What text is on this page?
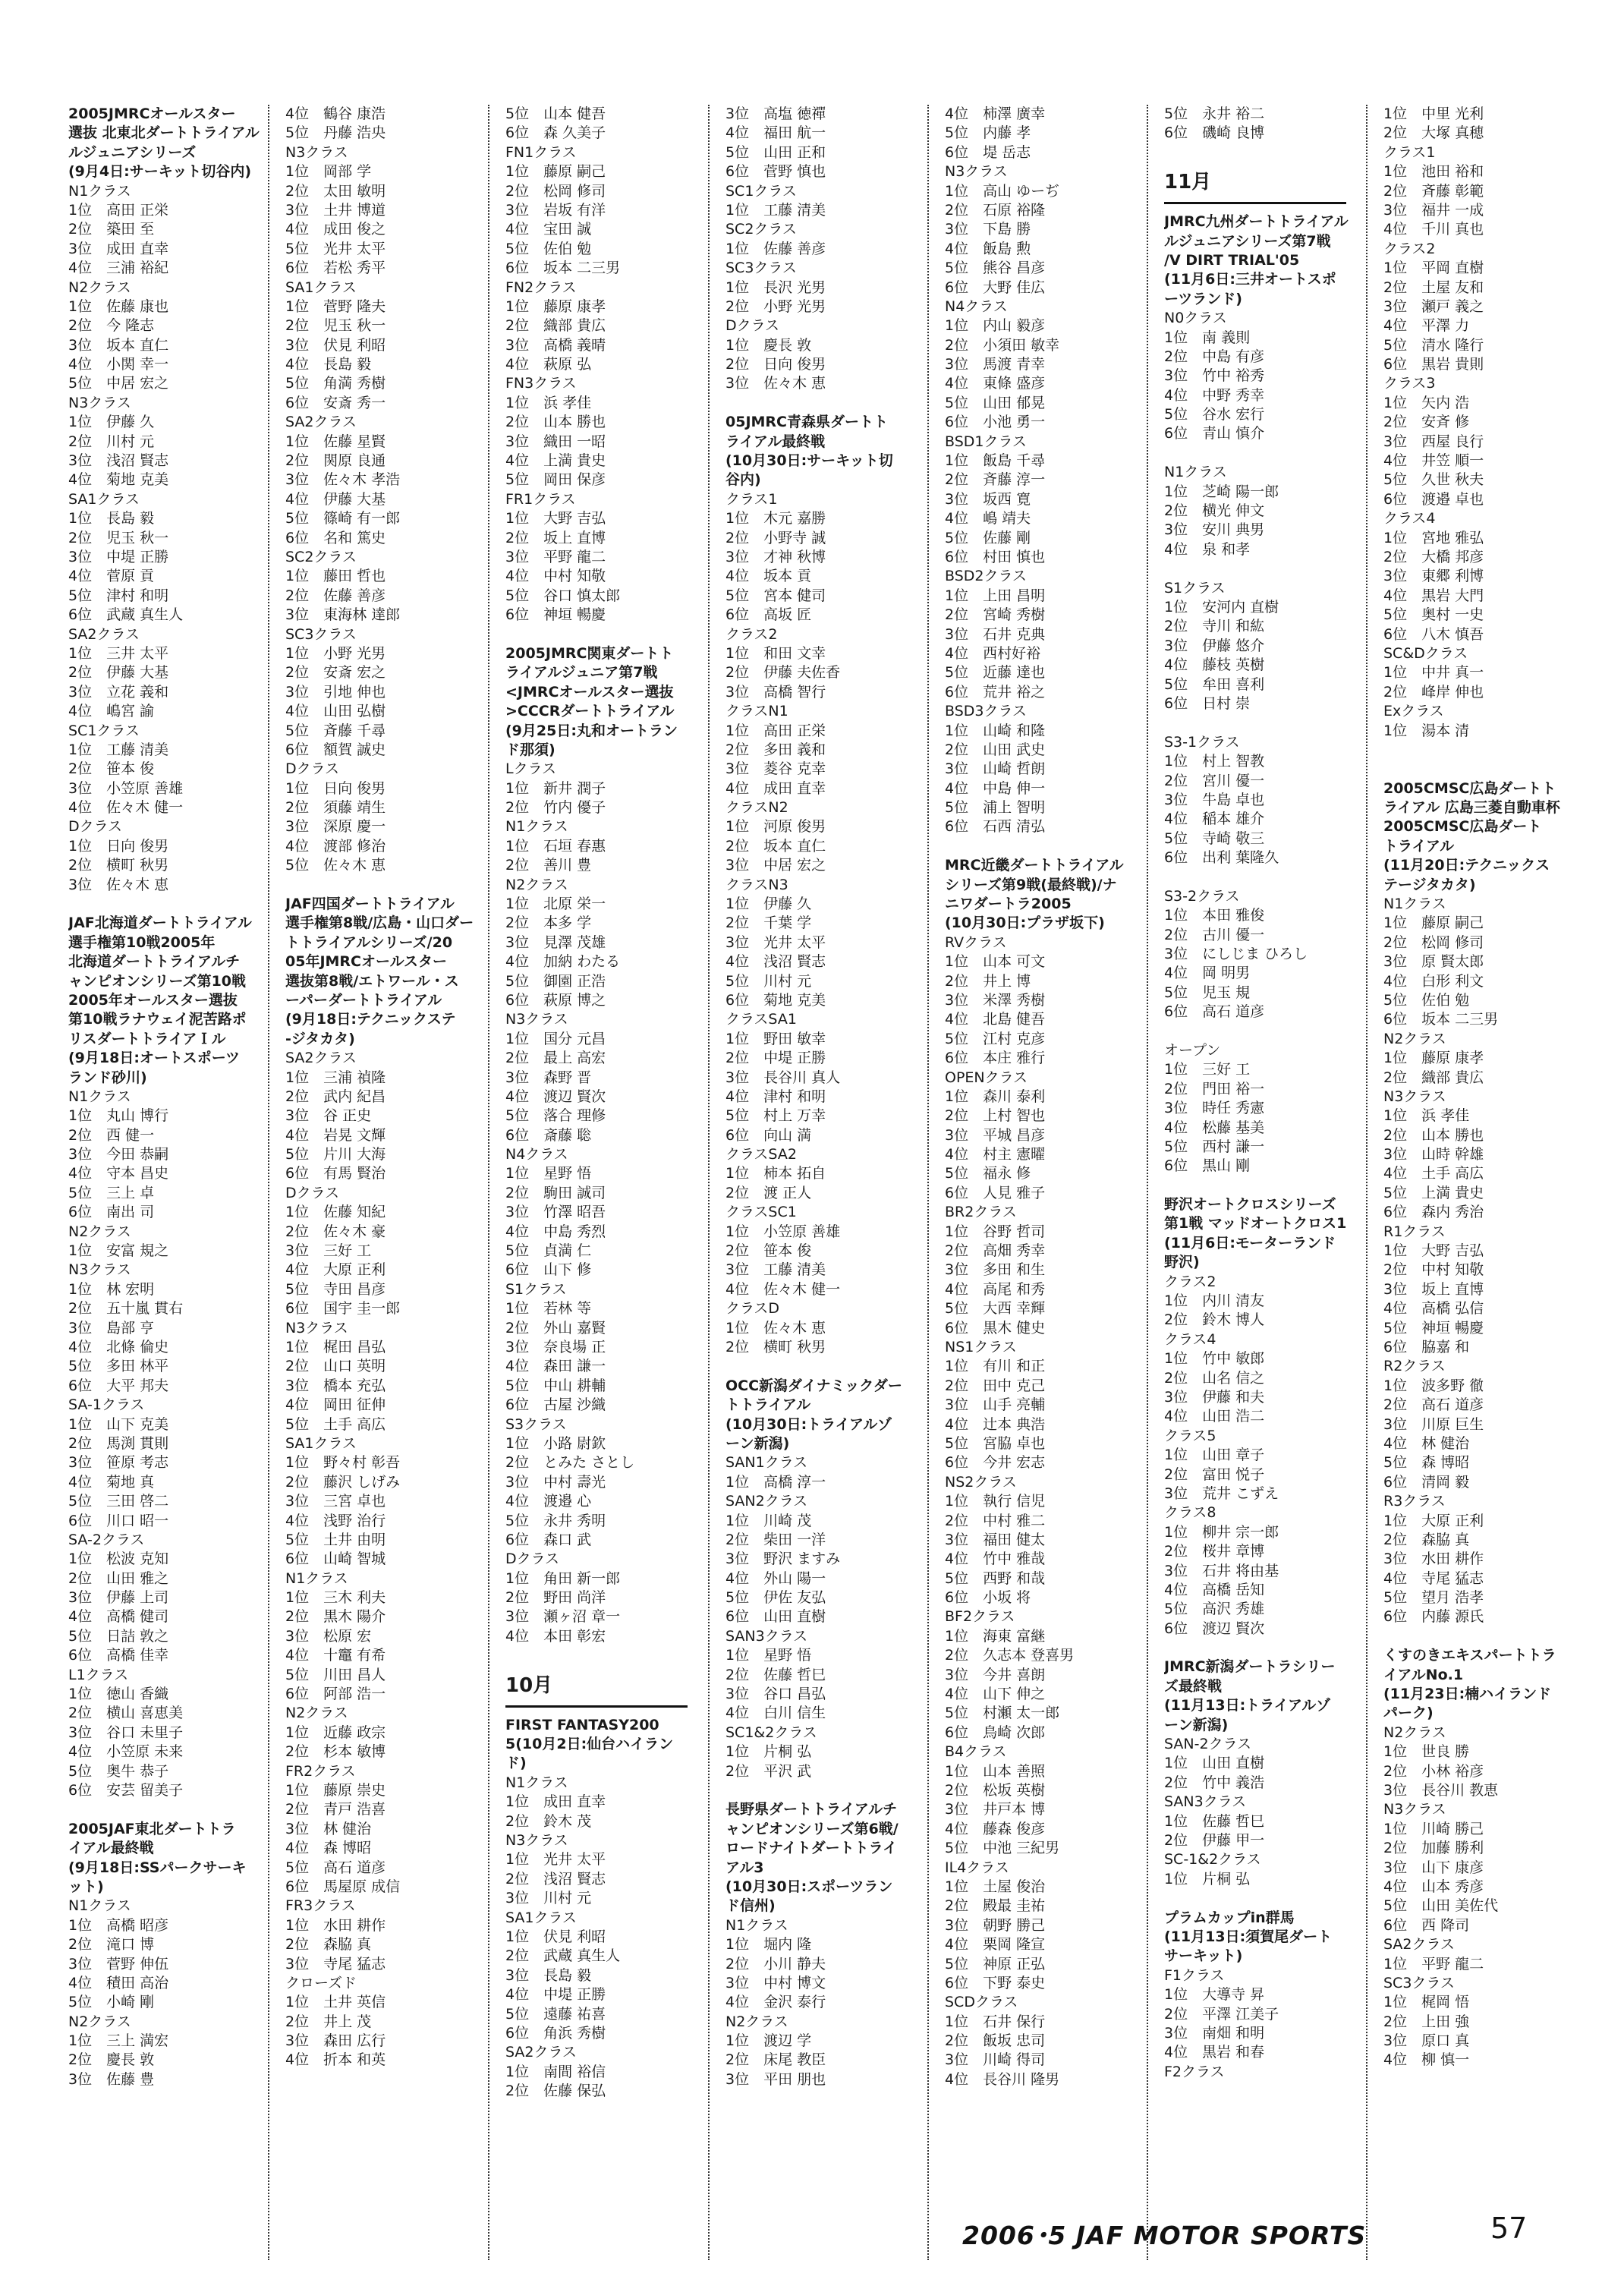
2005JMRCオールスター
選抜 北東北ダートトライアル
ルジュニアシリーズ
(9月4日:サーキット切谷内)
N1クラス
1位　高田 正栄
2位　築田 至
3位　成田 直幸
4位　三浦 裕紀
N2クラス
1位　佐藤 康也
2位　今 隆志
3位　坂本 直仁
4位　小関 幸一
5位　中居 宏之
N3クラス
1位　伊藤 久
2位　川村 元
3位　浅沼 賢志
4位　菊地 克美
SA1クラス
1位　長島 毅
2位　児玉 秋一
3位　中堤 正勝
4位　菅原 貢
5位　津村 和明
6位　武蔵 真生人
SA2クラス
1位　三井 太平
2位　伊藤 大基
3位　立花 義和
4位　嶋宮 諭
SC1クラス
1位　工藤 清美
2位　笹本 俊
3位　小笠原 善雄
4位　佐々木 健一
Dクラス
1位　日向 俊男
2位　横町 秋男
3位　佐々木 恵
JAF北海道ダートトライアル
選手権第10戦2005年
北海道ダートトライアルチ
ャンピオンシリーズ第10戦
2005年オールスター選抜
第10戦ラナウェイ泥苦路ポ
リスダートトライアＩル
(9月18日:オートスポーツ
ランド砂川)
N1クラス
1位　丸山 博行
2位　西 健一
3位　今田 恭嗣
4位　守本 昌史
5位　三上 卓
6位　南出 司
N2クラス
1位　安富 規之
N3クラス
1位　林 宏明
2位　五十嵐 貫右
3位　島部 亨
4位　北條 倫史
5位　多田 林平
6位　大平 邦夫
SA-1クラス
1位　山下 克美
2位　馬渕 貫則
3位　笹原 考志
4位　菊地 真
5位　三田 啓二
6位　川口 昭一
SA-2クラス
1位　松波 克知
2位　山田 雅之
3位　伊藤 上司
4位　高橋 健司
5位　日詰 敦之
6位　高橋 佳幸
L1クラス
1位　徳山 香織
2位　横山 喜恵美
3位　谷口 未里子
4位　小笠原 未来
5位　奥牛 恭子
6位　安芸 留美子
2005JAF東北ダートトラ
イアル最終戦
(9月18日:SSパークサーキ
ット)
N1クラス
1位　高橋 昭彦
2位　滝口 博
3位　菅野 伸伍
4位　積田 高治
5位　小崎 剛
N2クラス
1位　三上 満宏
2位　慶長 敦
3位　佐藤 豊
4位　鶴谷 康浩
5位　丹藤 浩央
N3クラス
1位　岡部 学
2位　太田 敏明
3位　土井 博道
4位　成田 俊之
5位　光井 太平
6位　若松 秀平
SA1クラス
1位　菅野 隆夫
2位　児玉 秋一
3位　伏見 利昭
4位　長島 毅
5位　角満 秀樹
6位　安斎 秀一
SA2クラス
1位　佐藤 星賢
2位　関原 良通
3位　佐々木 孝浩
4位　伊藤 大基
5位　篠崎 有一郎
6位　名和 篤史
SC2クラス
1位　藤田 哲也
2位　佐藤 善彦
3位　東海林 達郎
SC3クラス
1位　小野 光男
2位　安斎 宏之
3位　引地 伸也
4位　山田 弘樹
5位　斉藤 千尋
6位　額賀 誠史
Dクラス
1位　日向 俊男
2位　須藤 靖生
3位　深原 慶一
4位　渡部 修治
5位　佐々木 恵
JAF四国ダートトライアル
選手権第8戦/広島・山口ダー
トトライアルシリーズ/20
05年JMRCオールスター
選抜第8戦/エトワール・ス
ーパーダートトライアル
(9月18日:テクニックステ
-ジタカタ)
SA2クラス
1位　三浦 禎隆
2位　武内 紀昌
3位　谷 正史
4位　岩晃 文輝
5位　片川 大海
6位　有馬 賢治
Dクラス
1位　佐藤 知紀
2位　佐々木 豪
3位　三好 工
4位　大原 正利
5位　寺田 昌彦
6位　国宇 圭一郎
N3クラス
1位　梶田 昌弘
2位　山口 英明
3位　橋本 充弘
4位　岡田 征伸
5位　土手 高広
SA1クラス
1位　野々村 彰吾
2位　藤沢 しげみ
3位　三宮 卓也
4位　浅野 治行
5位　土井 由明
6位　山崎 智城
N1クラス
1位　三木 利夫
2位　黒木 陽介
3位　松原 宏
4位　十竈 有希
5位　川田 昌人
6位　阿部 浩一
N2クラス
1位　近藤 政宗
2位　杉本 敏博
FR2クラス
1位　藤原 崇史
2位　青戸 浩喜
3位　林 健治
4位　森 博昭
5位　高石 道彦
6位　馬屋原 成信
FR3クラス
1位　水田 耕作
2位　森脇 真
3位　寺尾 猛志
クローズド
1位　土井 英信
2位　井上 茂
3位　森田 広行
4位　折本 和英
5位　山本 健吾
6位　森 久美子
FN1クラス
1位　藤原 嗣己
2位　松岡 修司
3位　岩坂 有洋
4位　宝田 誠
5位　佐伯 勉
6位　坂本 二三男
FN2クラス
1位　藤原 康孝
2位　織部 貴広
3位　高橋 義晴
4位　萩原 弘
FN3クラス
1位　浜 孝佳
2位　山本 勝也
3位　織田 一昭
4位　上満 貴史
5位　岡田 保彦
FR1クラス
1位　大野 吉弘
2位　坂上 直博
3位　平野 龍二
4位　中村 知敬
5位　谷口 慎太郎
6位　神垣 暢慶
2005JMRC関東ダートト
ライアルジュニア第7戦
<JMRCオールスター選抜
>CCCRダートトライアル
(9月25日:丸和オートラン
ド那須)
Lクラス
1位　新井 潤子
2位　竹内 優子
N1クラス
1位　石垣 春惠
2位　善川 豊
N2クラス
1位　北原 栄一
2位　本多 学
3位　見澤 茂雄
4位　加納 わたる
5位　御園 正浩
6位　萩原 博之
N3クラス
1位　国分 元昌
2位　最上 高宏
3位　森野 晋
4位　渡辺 賢次
5位　落合 理修
6位　斎藤 聡
N4クラス
1位　星野 悟
2位　駒田 誠司
3位　竹澤 昭吾
4位　中島 秀烈
5位　貞満 仁
6位　山下 修
S1クラス
1位　若林 等
2位　外山 嘉賢
3位　奈良場 正
4位　森田 謙一
5位　中山 耕輔
6位　古屋 沙織
S3クラス
1位　小路 尉欽
2位　とみた さとし
3位　中村 壽光
4位　渡邉 心
5位　永井 秀明
6位　森口 武
Dクラス
1位　角田 新一郎
2位　野田 尚洋
3位　瀬ヶ沼 章一
4位　本田 彰宏
10月
FIRST FANTASY200
5(10月2日:仙台ハイラン
ド)
N1クラス
1位　成田 直幸
2位　鈴木 茂
N3クラス
1位　光井 太平
2位　浅沼 賢志
3位　川村 元
SA1クラス
1位　伏見 利昭
2位　武蔵 真生人
3位　長島 毅
4位　中堤 正勝
5位　遠藤 祐喜
6位　角浜 秀樹
SA2クラス
1位　南間 裕信
2位　佐藤 保弘
3位　高塩 徳禪
4位　福田 航一
5位　山田 正和
6位　菅野 慎也
SC1クラス
1位　工藤 清美
SC2クラス
1位　佐藤 善彦
SC3クラス
1位　長沢 光男
2位　小野 光男
Dクラス
1位　慶長 敦
2位　日向 俊男
3位　佐々木 恵
05JMRC青森県ダートト
ライアル最終戦
(10月30日:サーキット切
谷内)
クラス1
1位　木元 嘉勝
2位　小野寺 誠
3位　才神 秋博
4位　坂本 貢
5位　宮本 健司
6位　高坂 匠
クラス2
1位　和田 文幸
2位　伊藤 夫佐香
3位　高橋 智行
クラスN1
1位　高田 正栄
2位　多田 義和
3位　菱谷 克幸
4位　成田 直幸
クラスN2
1位　河原 俊男
2位　坂本 直仁
3位　中居 宏之
クラスN3
1位　伊藤 久
2位　千葉 学
3位　光井 太平
4位　浅沼 賢志
5位　川村 元
6位　菊地 克美
クラスSA1
1位　野田 敏幸
2位　中堤 正勝
3位　長谷川 真人
4位　津村 和明
5位　村上 万幸
6位　向山 満
クラスSA2
1位　柿本 拓自
2位　渡 正人
クラスSC1
1位　小笠原 善雄
2位　笹本 俊
3位　工藤 清美
4位　佐々木 健一
クラスD
1位　佐々木 恵
2位　横町 秋男
OCC新潟ダイナミックダー
トトライアル
(10月30日:トライアルゾ
ーン新潟)
SAN1クラス
1位　高橋 淳一
SAN2クラス
1位　川崎 茂
2位　柴田 一洋
3位　野沢 ますみ
4位　外山 陽一
5位　伊佐 友弘
6位　山田 直樹
SAN3クラス
1位　星野 悟
2位　佐藤 哲巳
3位　谷口 昌弘
4位　白川 信生
SC1&2クラス
1位　片桐 弘
2位　平沢 武
長野県ダートトライアルチ
ャンピオンシリーズ第6戦/
ロードナイトダートトライ
アル3
(10月30日:スポーツラン
ド信州)
N1クラス
1位　堀内 隆
2位　小川 静夫
3位　中村 博文
4位　金沢 泰行
N2クラス
1位　渡辺 学
2位　床尾 教臣
3位　平田 朋也
4位　柿澤 廣幸
5位　内藤 孝
6位　堤 岳志
N3クラス
1位　高山 ゆーぢ
2位　石原 裕隆
3位　下島 勝
4位　飯島 勲
5位　熊谷 昌彦
6位　大野 佳広
N4クラス
1位　内山 毅彦
2位　小須田 敏幸
3位　馬渡 青幸
4位　東條 盛彦
5位　山田 郁晃
6位　小池 勇一
BSD1クラス
1位　飯島 千尋
2位　斉藤 淳一
3位　坂西 寛
4位　嶋 靖夫
5位　佐藤 剛
6位　村田 慎也
BSD2クラス
1位　上田 昌明
2位　宮崎 秀樹
3位　石井 克典
4位　西村好裕
5位　近藤 達也
6位　荒井 裕之
BSD3クラス
1位　山崎 和隆
2位　山田 武史
3位　山崎 哲朗
4位　中島 伸一
5位　浦上 智明
6位　石西 清弘
MRC近畿ダートトライアル
シリーズ第9戦(最終戦)/ナ
ニワダートラ2005
(10月30日:プラザ坂下)
RVクラス
1位　山本 可文
2位　井上 博
3位　米澤 秀樹
4位　北島 健吾
5位　江村 克彦
6位　本庄 雅行
OPENクラス
1位　森川 泰利
2位　上村 智也
3位　平城 昌彦
4位　村主 憲曜
5位　福永 修
6位　人見 雅子
BR2クラス
1位　谷野 哲司
2位　高畑 秀幸
3位　多田 和生
4位　高尾 和秀
5位　大西 幸輝
6位　黒木 健史
NS1クラス
1位　有川 和正
2位　田中 克己
3位　山手 亮輔
4位　辻本 典浩
5位　宮脇 卓也
6位　今井 宏志
NS2クラス
1位　執行 信児
2位　中村 雅二
3位　福田 健太
4位　竹中 雅哉
5位　西野 和哉
6位　小坂 将
BF2クラス
1位　海東 富継
2位　久志本 登喜男
3位　今井 喜朗
4位　山下 伸之
5位　村瀬 太一郎
6位　鳥崎 次郎
B4クラス
1位　山本 善照
2位　松坂 英樹
3位　井戸本 博
4位　藤森 俊彦
5位　中池 三紀男
IL4クラス
1位　土屋 俊治
2位　殿最 圭祐
3位　朝野 勝己
4位　栗岡 隆宣
5位　神原 正弘
6位　下野 泰史
SCDクラス
1位　石井 保行
2位　飯坂 忠司
3位　川崎 得司
4位　長谷川 隆男
5位　永井 裕二
6位　磯崎 良博
11月
JMRC九州ダートトライアル
ルジュニアシリーズ第7戦
/V DIRT TRIAL'05
(11月6日:三井オートスポ
ーツランド)
N0クラス
1位　南 義則
2位　中島 有彦
3位　竹中 裕秀
4位　中野 秀幸
5位　谷水 宏行
6位　青山 慎介
N1クラス
1位　芝崎 陽一郎
2位　横光 伸文
3位　安川 典男
4位　泉 和孝
S1クラス
1位　安河内 直樹
2位　寺川 和紘
3位　伊藤 悠介
4位　藤枝 英樹
5位　牟田 喜利
6位　日村 崇
S3-1クラス
1位　村上 智教
2位　宮川 優一
3位　牛島 卓也
4位　稲本 雄介
5位　寺崎 敬三
6位　出利 葉隆久
S3-2クラス
1位　本田 雅俊
2位　古川 優一
3位　にしじま ひろし
4位　岡 明男
5位　児玉 規
6位　高石 道彦
オープン
1位　三好 工
2位　門田 裕一
3位　時任 秀憲
4位　松藤 基美
5位　西村 謙一
6位　黒山 剛
野沢オートクロスシリーズ
第1戦 マッドオートクロス1
(11月6日:モーターランド
野沢)
クラス2
1位　内川 清友
2位　鈴木 博人
クラス4
1位　竹中 敏郎
2位　山名 信之
3位　伊藤 和夫
4位　山田 浩二
クラス5
1位　山田 章子
2位　富田 悦子
3位　荒井 こずえ
クラス8
1位　柳井 宗一郎
2位　桜井 章博
3位　石井 将由基
4位　高橋 岳知
5位　高沢 秀雄
6位　渡辺 賢次
JMRC新潟ダートラシリー
ズ最終戦
(11月13日:トライアルゾ
ーン新潟)
SAN-2クラス
1位　山田 直樹
2位　竹中 義浩
SAN3クラス
1位　佐藤 哲巳
2位　伊藤 甲一
SC-1&2クラス
1位　片桐 弘
プラムカップin群馬
(11月13日:須賀尾ダート
サーキット)
F1クラス
1位　大導寺 昇
2位　平澤 江美子
3位　南畑 和明
4位　黒岩 和春
F2クラス
1位　中里 光利
2位　大塚 真穂
クラス1
1位　池田 裕和
2位　斉藤 彰範
3位　福井 一成
4位　千川 真也
クラス2
1位　平岡 直樹
2位　土屋 友和
3位　瀬戸 義之
4位　平澤 力
5位　清水 隆行
6位　黒岩 貴則
クラス3
1位　矢内 浩
2位　安斉 修
3位　西屋 良行
4位　井笠 順一
5位　久世 秋夫
6位　渡邉 卓也
クラス4
1位　宮地 雅弘
2位　大橋 邦彦
3位　東郷 利博
4位　黒岩 大門
5位　奥村 一史
6位　八木 慎吾
SC&Dクラス
1位　中井 真一
2位　峰岸 伸也
Exクラス
1位　湯本 清
2005CMSC広島ダートト
ライアル 広島三菱自動車杯
2005CMSC広島ダート
トライアル
(11月20日:テクニックス
テージタカタ)
N1クラス
1位　藤原 嗣己
2位　松岡 修司
3位　原 賢太郎
4位　白形 利文
5位　佐伯 勉
6位　坂本 二三男
N2クラス
1位　藤原 康孝
2位　織部 貴広
N3クラス
1位　浜 孝佳
2位　山本 勝也
3位　山時 幹雄
4位　土手 高広
5位　上満 貴史
6位　森内 秀治
R1クラス
1位　大野 吉弘
2位　中村 知敬
3位　坂上 直博
4位　高橋 弘信
5位　神垣 暢慶
6位　脇嘉 和
R2クラス
1位　波多野 徹
2位　高石 道彦
3位　川原 巨生
4位　林 健治
5位　森 博昭
6位　清岡 毅
R3クラス
1位　大原 正利
2位　森脇 真
3位　水田 耕作
4位　寺尾 猛志
5位　望月 浩孝
6位　内藤 源氏
くすのきエキスパートトラ
イアルNo.1
(11月23日:楠ハイランド
パーク)
N2クラス
1位　世良 勝
2位　小林 裕彦
3位　長谷川 教恵
N3クラス
1位　川崎 勝己
2位　加藤 勝利
3位　山下 康彦
4位　山本 秀彦
5位　山田 美佐代
6位　西 降司
SA2クラス
1位　平野 龍二
SC3クラス
1位　梶岡 悟
2位　上田 強
3位　原口 真
4位　柳 慎一
2006･5 JAF MOTOR SPORTS	57
